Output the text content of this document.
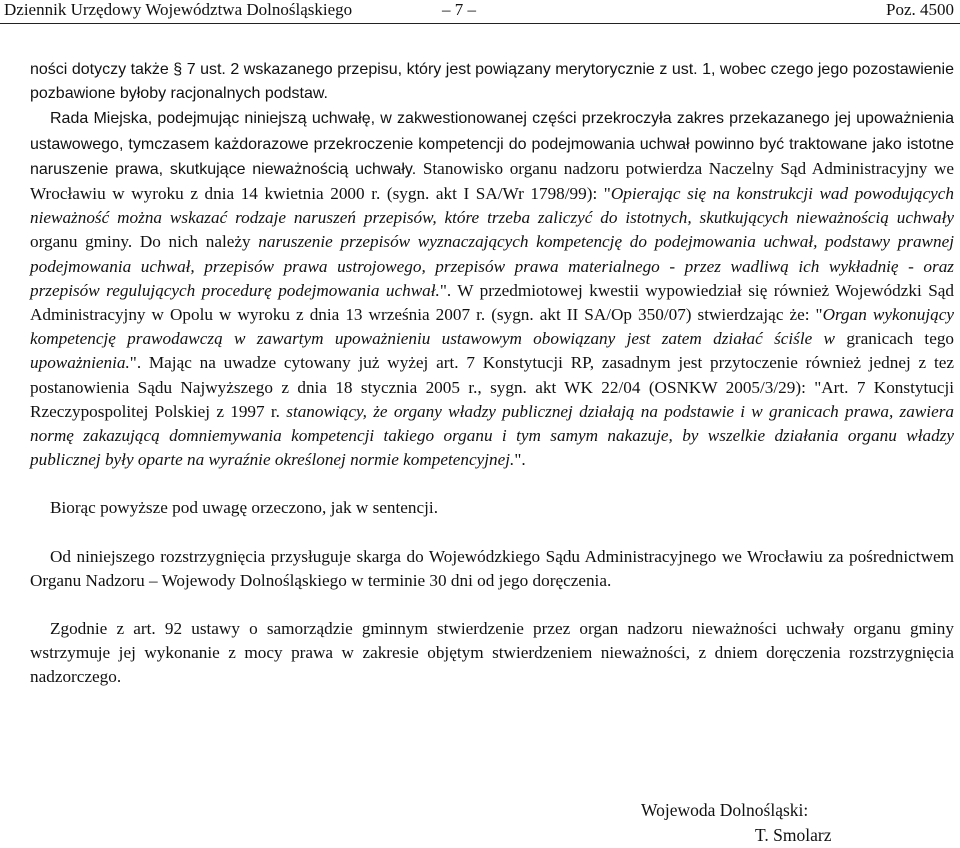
Dziennik Urzędowy Województwa Dolnośląskiego	– 7 –	Poz. 4500

ności dotyczy także § 7 ust. 2 wskazanego przepisu, który jest powiązany merytorycznie z ust. 1, wobec czego jego pozostawienie pozbawione byłoby racjonalnych podstaw.

Rada Miejska, podejmując niniejszą uchwałę, w zakwestionowanej części przekroczyła zakres przekazanego jej upoważnienia ustawowego, tymczasem każdorazowe przekroczenie kompetencji do podejmowania uchwał powinno być traktowane jako istotne naruszenie prawa, skutkujące nieważnością uchwały. Stanowisko organu nadzoru potwierdza Naczelny Sąd Administracyjny we Wrocławiu w wyroku z dnia 14 kwietnia 2000 r. (sygn. akt I SA/Wr 1798/99): "Opierając się na konstrukcji wad powodujących nieważność można wskazać rodzaje naruszeń przepisów, które trzeba zaliczyć do istotnych, skutkujących nieważnością uchwały organu gminy. Do nich należy naruszenie przepisów wyznaczających kompetencję do podejmowania uchwał, podstawy prawnej podejmowania uchwał, przepisów prawa ustrojowego, przepisów prawa materialnego - przez wadliwą ich wykładnię - oraz przepisów regulujących procedurę podejmowania uchwał.". W przedmiotowej kwestii wypowiedział się również Wojewódzki Sąd Administracyjny w Opolu w wyroku z dnia 13 września 2007 r. (sygn. akt II SA/Op 350/07) stwierdzając że: "Organ wykonujący kompetencję prawodawczą w zawartym upoważnieniu ustawowym obowiązany jest zatem działać ściśle w granicach tego upoważnienia.". Mając na uwadze cytowany już wyżej art. 7 Konstytucji RP, zasadnym jest przytoczenie również jednej z tez postanowienia Sądu Najwyższego z dnia 18 stycznia 2005 r., sygn. akt WK 22/04 (OSNKW 2005/3/29): "Art. 7 Konstytucji Rzeczypospolitej Polskiej z 1997 r. stanowiący, że organy władzy publicznej działają na podstawie i w granicach prawa, zawiera normę zakazującą domniemywania kompetencji takiego organu i tym samym nakazuje, by wszelkie działania organu władzy publicznej były oparte na wyraźnie określonej normie kompetencyjnej.".

Biorąc powyższe pod uwagę orzeczono, jak w sentencji.

Od niniejszego rozstrzygnięcia przysługuje skarga do Wojewódzkiego Sądu Administracyjnego we Wrocławiu za pośrednictwem Organu Nadzoru – Wojewody Dolnośląskiego w terminie 30 dni od jego doręczenia.

Zgodnie z art. 92 ustawy o samorządzie gminnym stwierdzenie przez organ nadzoru nieważności uchwały organu gminy wstrzymuje jej wykonanie z mocy prawa w zakresie objętym stwierdzeniem nieważności, z dniem doręczenia rozstrzygnięcia nadzorczego.

Wojewoda Dolnośląski:
T. Smolarz
